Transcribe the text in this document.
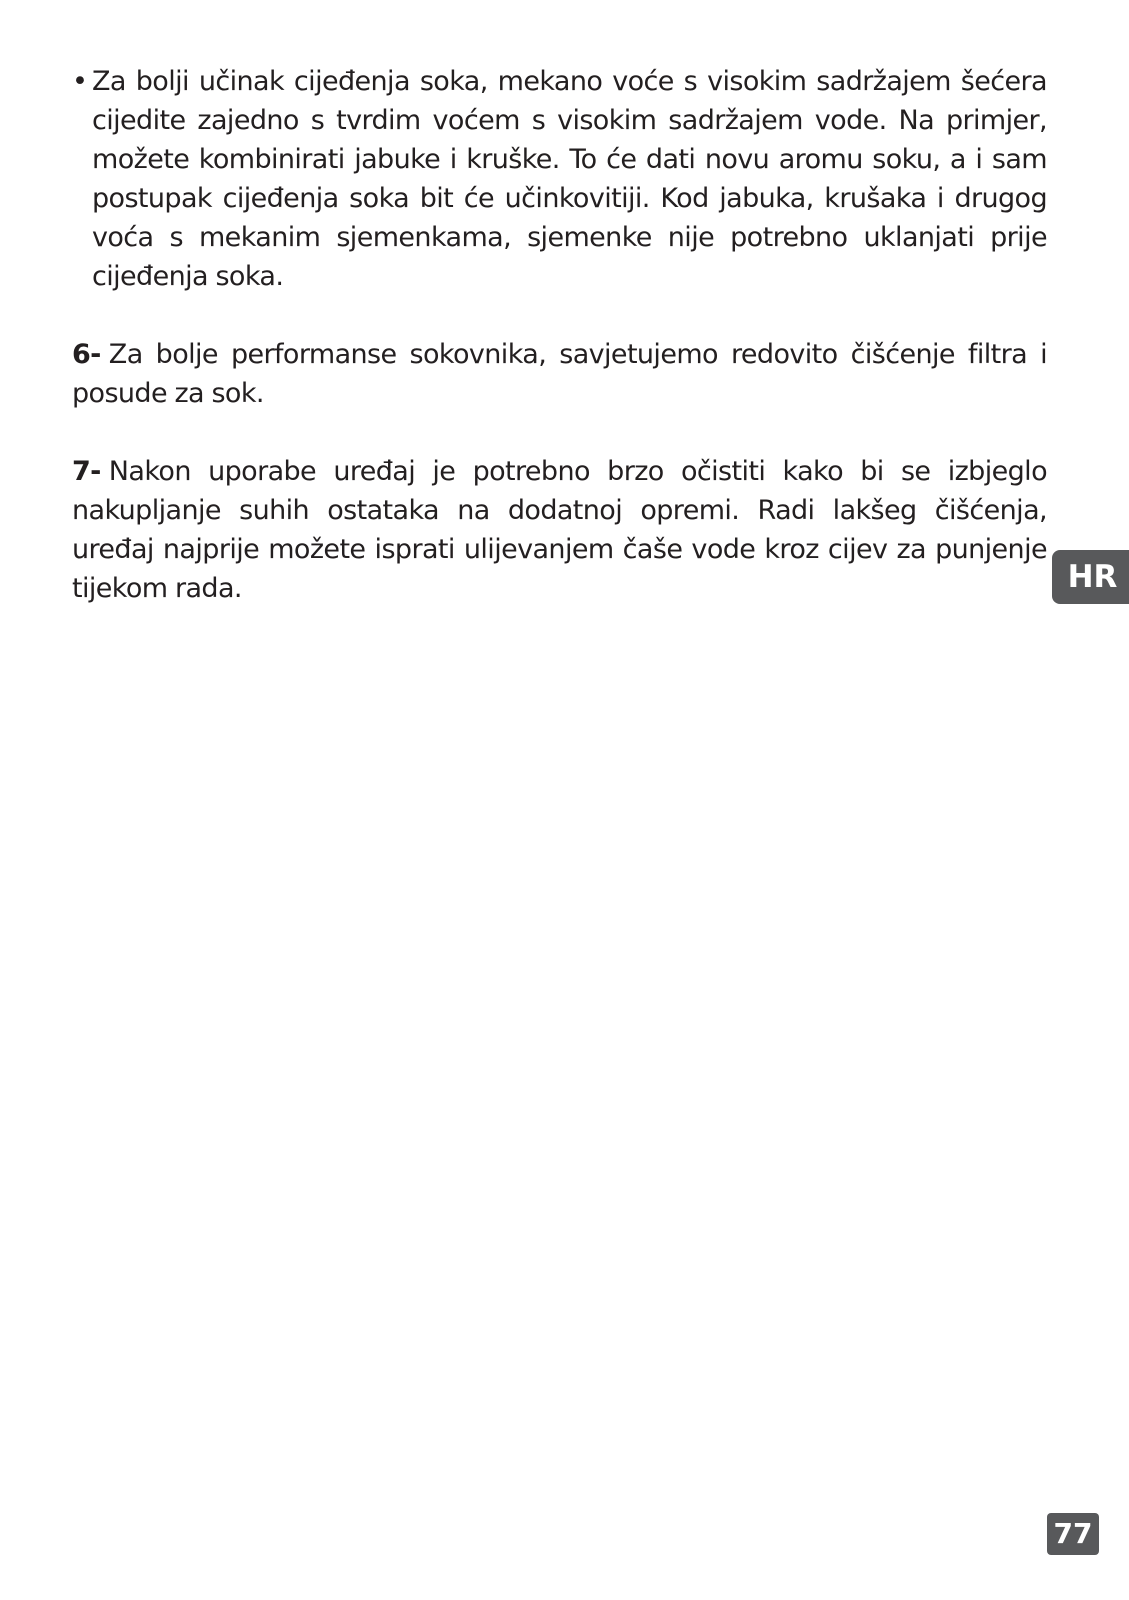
• Za bolji učinak cijeđenja soka, mekano voće s visokim sadržajem šećera cijedite zajedno s tvrdim voćem s visokim sadržajem vode. Na primjer, možete kombinirati jabuke i kruške. To će dati novu aromu soku, a i sam postupak cijeđenja soka bit će učinkovitiji. Kod jabuka, krušaka i drugog voća s mekanim sjemenkama, sjemenke nije potrebno uklanjati prije cijeđenja soka.

6- Za bolje performanse sokovnika, savjetujemo redovito čišćenje filtra i posude za sok.

7- Nakon uporabe uređaj je potrebno brzo očistiti kako bi se izbjeglo nakupljanje suhih ostataka na dodatnoj opremi. Radi lakšeg čišćenja, uređaj najprije možete isprati ulijevanjem čaše vode kroz cijev za punjenje tijekom rada.	HR
77
